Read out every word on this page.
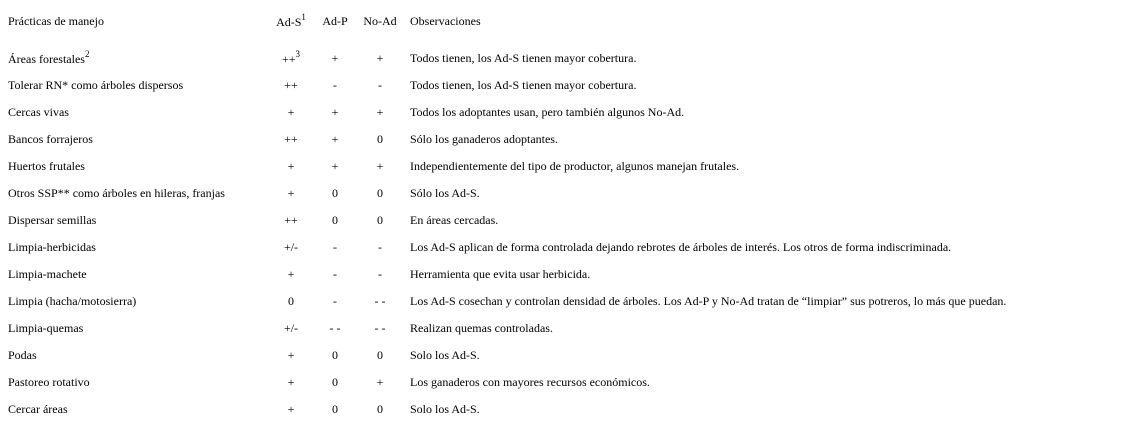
Prácticas de manejo	$Ad-S^1$	Ad-P	No-Ad	Observaciones
Áreas forestales$^2$	++$^3$	+	+	Todos tienen, los Ad-S tienen mayor cobertura.
Tolerar RN* como árboles dispersos	++	-	-	Todos tienen, los Ad-S tienen mayor cobertura.
Cercas vivas	+	+	+	Todos los adoptantes usan, pero también algunos No-Ad.
Bancos forrajeros	++	+	0	Sólo los ganaderos adoptantes.
Huertos frutales	+	+	+	Independientemente del tipo de productor, algunos manejan frutales.
Otros SSP** como árboles en hileras, franjas	+	0	0	Sólo los Ad-S.
Dispersar semillas	++	0	0	En áreas cercadas.
Limpia-herbicidas	+/-	-	-	Los Ad-S aplican de forma controlada dejando rebrotes de árboles de interés. Los otros de forma indiscriminada.
Limpia-machete	+	-	-	Herramienta que evita usar herbicida.
Limpia (hacha/motosierra)	0	-	- -	Los Ad-S cosechan y controlan densidad de árboles. Los Ad-P y No-Ad tratan de “limpiar” sus potreros, lo más que puedan.
Limpia-quemas	+/-	- -	- -	Realizan quemas controladas.
Podas	+	0	0	Solo los Ad-S.
Pastoreo rotativo	+	0	+	Los ganaderos con mayores recursos económicos.
Cercar áreas	+	0	0	Solo los Ad-S.
